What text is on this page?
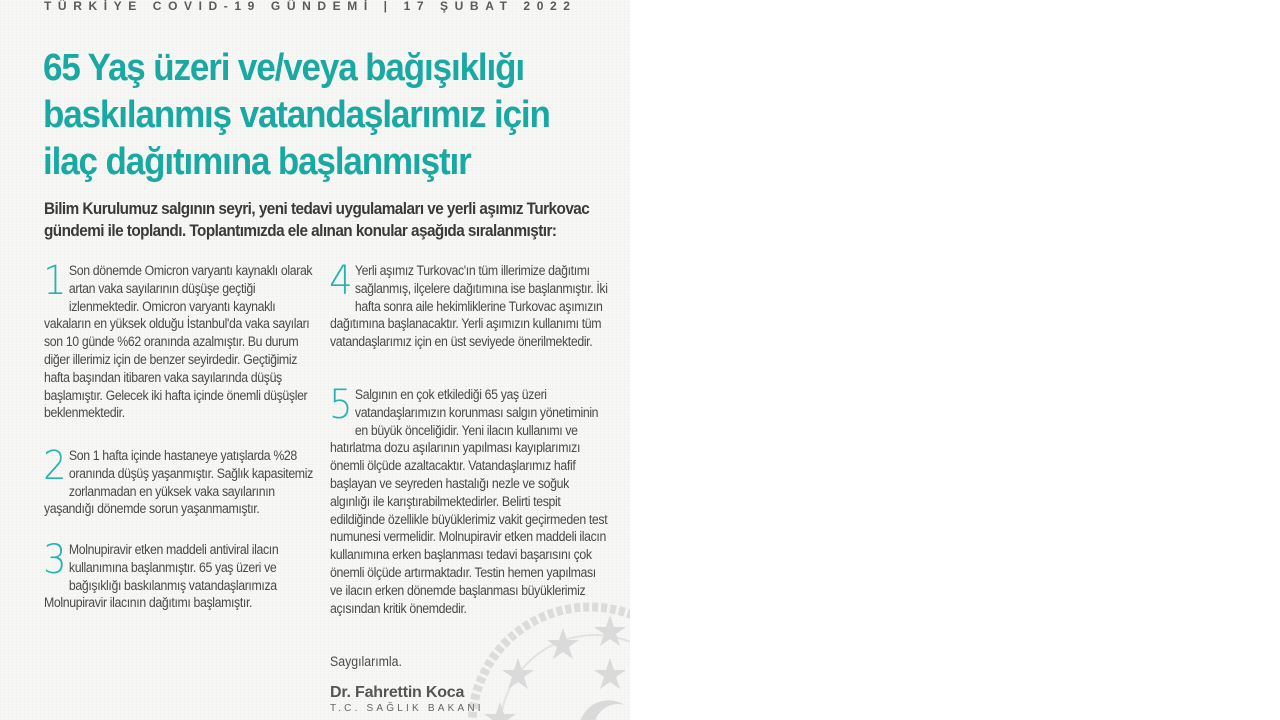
TÜRKİYE COVID-19 GÜNDEMİ | 17 ŞUBAT 2022
65 Yaş üzeri ve/veya bağışıklığı baskılanmış vatandaşlarımız için ilaç dağıtımına başlanmıştır
Bilim Kurulumuz salgının seyri, yeni tedavi uygulamaları ve yerli aşımız Turkovac gündemi ile toplandı. Toplantımızda ele alınan konular aşağıda sıralanmıştır:
1 Son dönemde Omicron varyantı kaynaklı olarak artan vaka sayılarının düşüşe geçtiği izlenmektedir. Omicron varyantı kaynaklı vakaların en yüksek olduğu İstanbul'da vaka sayıları son 10 günde %62 oranında azalmıştır. Bu durum diğer illerimiz için de benzer seyirdedir. Geçtiğimiz hafta başından itibaren vaka sayılarında düşüş başlamıştır. Gelecek iki hafta içinde önemli düşüşler beklenmektedir.
2 Son 1 hafta içinde hastaneye yatışlarda %28 oranında düşüş yaşanmıştır. Sağlık kapasitemiz zorlanmadan en yüksek vaka sayılarının yaşandığı dönemde sorun yaşanmamıştır.
3 Molnupiravir etken maddeli antiviral ilacın kullanımına başlanmıştır. 65 yaş üzeri ve bağışıklığı baskılanmış vatandaşlarımıza Molnupiravir ilacının dağıtımı başlamıştır.
4 Yerli aşımız Turkovac'ın tüm illerimize dağıtımı sağlanmış, ilçelere dağıtımına ise başlanmıştır. İki hafta sonra aile hekimliklerine Turkovac aşımızın dağıtımına başlanacaktır. Yerli aşımızın kullanımı tüm vatandaşlarımız için en üst seviyede önerilmektedir.
5 Salgının en çok etkilediği 65 yaş üzeri vatandaşlarımızın korunması salgın yönetiminin en büyük önceliğidir. Yeni ilacın kullanımı ve hatırlatma dozu aşılarının yapılması kayıplarımızı önemli ölçüde azaltacaktır. Vatandaşlarımız hafif başlayan ve seyreden hastalığı nezle ve soğuk algınlığı ile karıştırabilmektedirler. Belirti tespit edildiğinde özellikle büyüklerimiz vakit geçirmeden test numunesi vermelidir. Molnupiravir etken maddeli ilacın kullanımına erken başlanması tedavi başarısını çok önemli ölçüde artırmaktadır. Testin hemen yapılması ve ilacın erken dönemde başlanması büyüklerimiz açısından kritik önemdedir.
Saygılarımla.
Dr. Fahrettin Koca
T.C. SAĞLIK BAKANI
